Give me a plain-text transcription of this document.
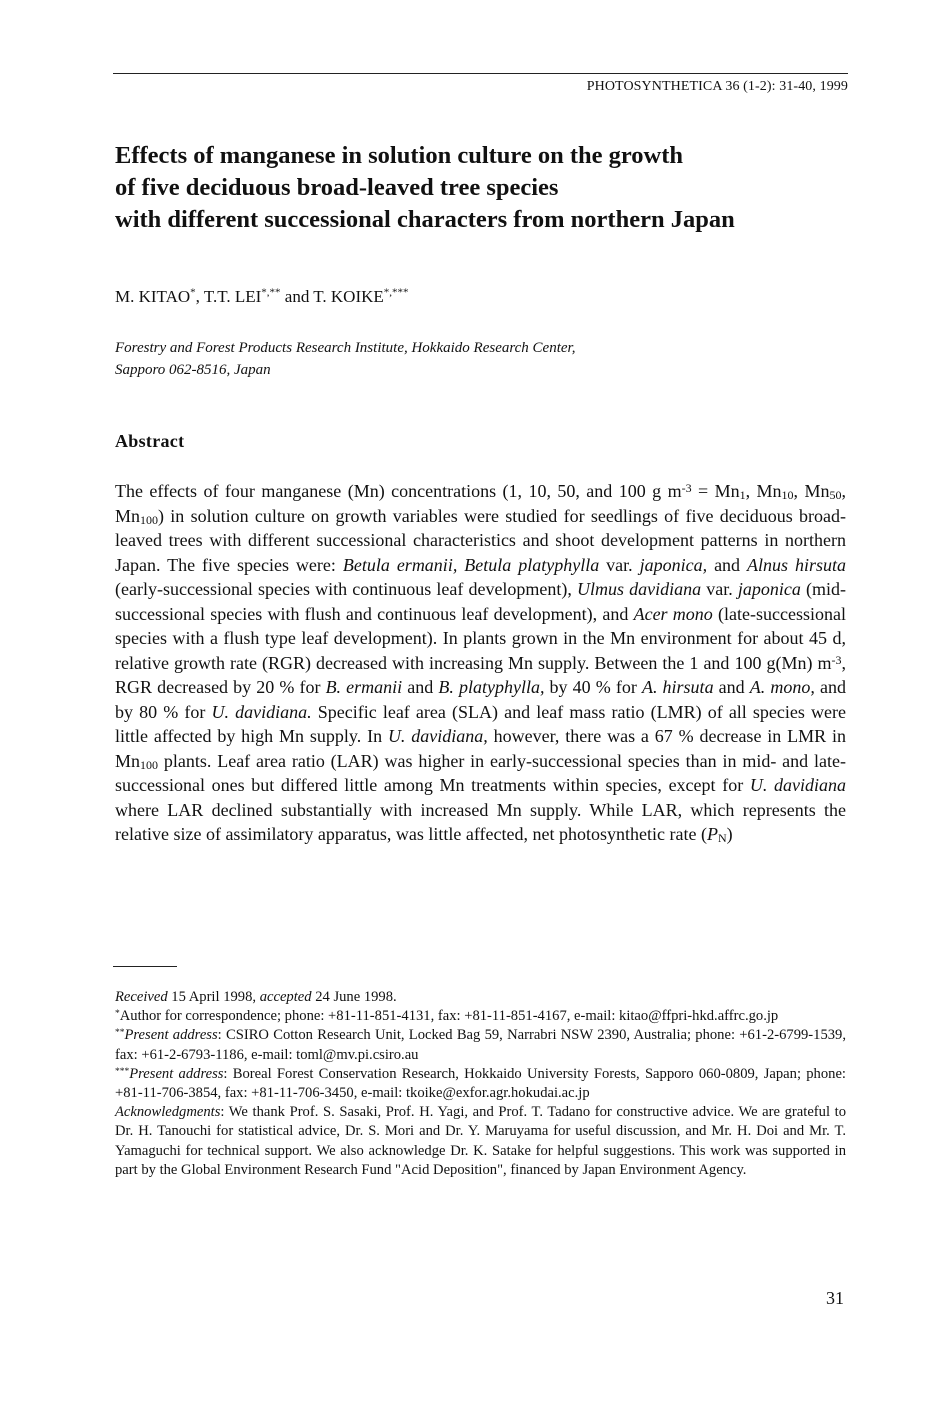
PHOTOSYNTHETICA 36 (1-2): 31-40, 1999
Effects of manganese in solution culture on the growth
of five deciduous broad-leaved tree species
with different successional characters from northern Japan
M. KITAO*, T.T. LEI*,** and T. KOIKE*,***
Forestry and Forest Products Research Institute, Hokkaido Research Center,
Sapporo 062-8516, Japan
Abstract

The effects of four manganese (Mn) concentrations (1, 10, 50, and 100 g $m^{-3} = Mn_1$, $Mn_{10}$, $Mn_{50}$, $Mn_{100}$) in solution culture on growth variables were studied for seedlings of five deciduous broad-leaved trees with different successional characteristics and shoot development patterns in northern Japan. The five species were: Betula ermanii, Betula platyphylla var. japonica, and Alnus hirsuta (early-successional species with continuous leaf development), Ulmus davidiana var. japonica (mid-successional species with flush and continuous leaf development), and Acer mono (late-successional species with a flush type leaf development). In plants grown in the Mn environment for about 45 d, relative growth rate (RGR) decreased with increasing Mn supply. Between the 1 and 100 g(Mn) $m^{-3}$, RGR decreased by 20 % for B. ermanii and B. platyphylla, by 40 % for A. hirsuta and A. mono, and by 80 % for U. davidiana. Specific leaf area (SLA) and leaf mass ratio (LMR) of all species were little affected by high Mn supply. In U. davidiana, however, there was a 67 % decrease in LMR in $Mn_{100}$ plants. Leaf area ratio (LAR) was higher in early-successional species than in mid- and late-successional ones but differed little among Mn treatments within species, except for U. davidiana where LAR declined substantially with increased Mn supply. While LAR, which represents the relative size of assimilatory apparatus, was little affected, net photosynthetic rate $(P_N)$

Received 15 April 1998, accepted 24 June 1998.

*Author for correspondence; phone: +81-11-851-4131, fax: +81-11-851-4167, e-mail: kitao@ffpri-hkd.affrc.go.jp

**Present address: CSIRO Cotton Research Unit, Locked Bag 59, Narrabri NSW 2390, Australia; phone: +61-2-6799-1539, fax: +61-2-6793-1186, e-mail: toml@mv.pi.csiro.au

***Present address: Boreal Forest Conservation Research, Hokkaido University Forests, Sapporo 060-0809, Japan; phone: +81-11-706-3854, fax: +81-11-706-3450, e-mail: tkoike@exfor.agr.hokudai.ac.jp

Acknowledgments: We thank Prof. S. Sasaki, Prof. H. Yagi, and Prof. T. Tadano for constructive advice. We are grateful to Dr. H. Tanouchi for statistical advice, Dr. S. Mori and Dr. Y. Maruyama for useful discussion, and Mr. H. Doi and Mr. T. Yamaguchi for technical support. We also acknowledge Dr. K. Satake for helpful suggestions. This work was supported in part by the Global Environment Research Fund "Acid Deposition", financed by Japan Environment Agency.

31
